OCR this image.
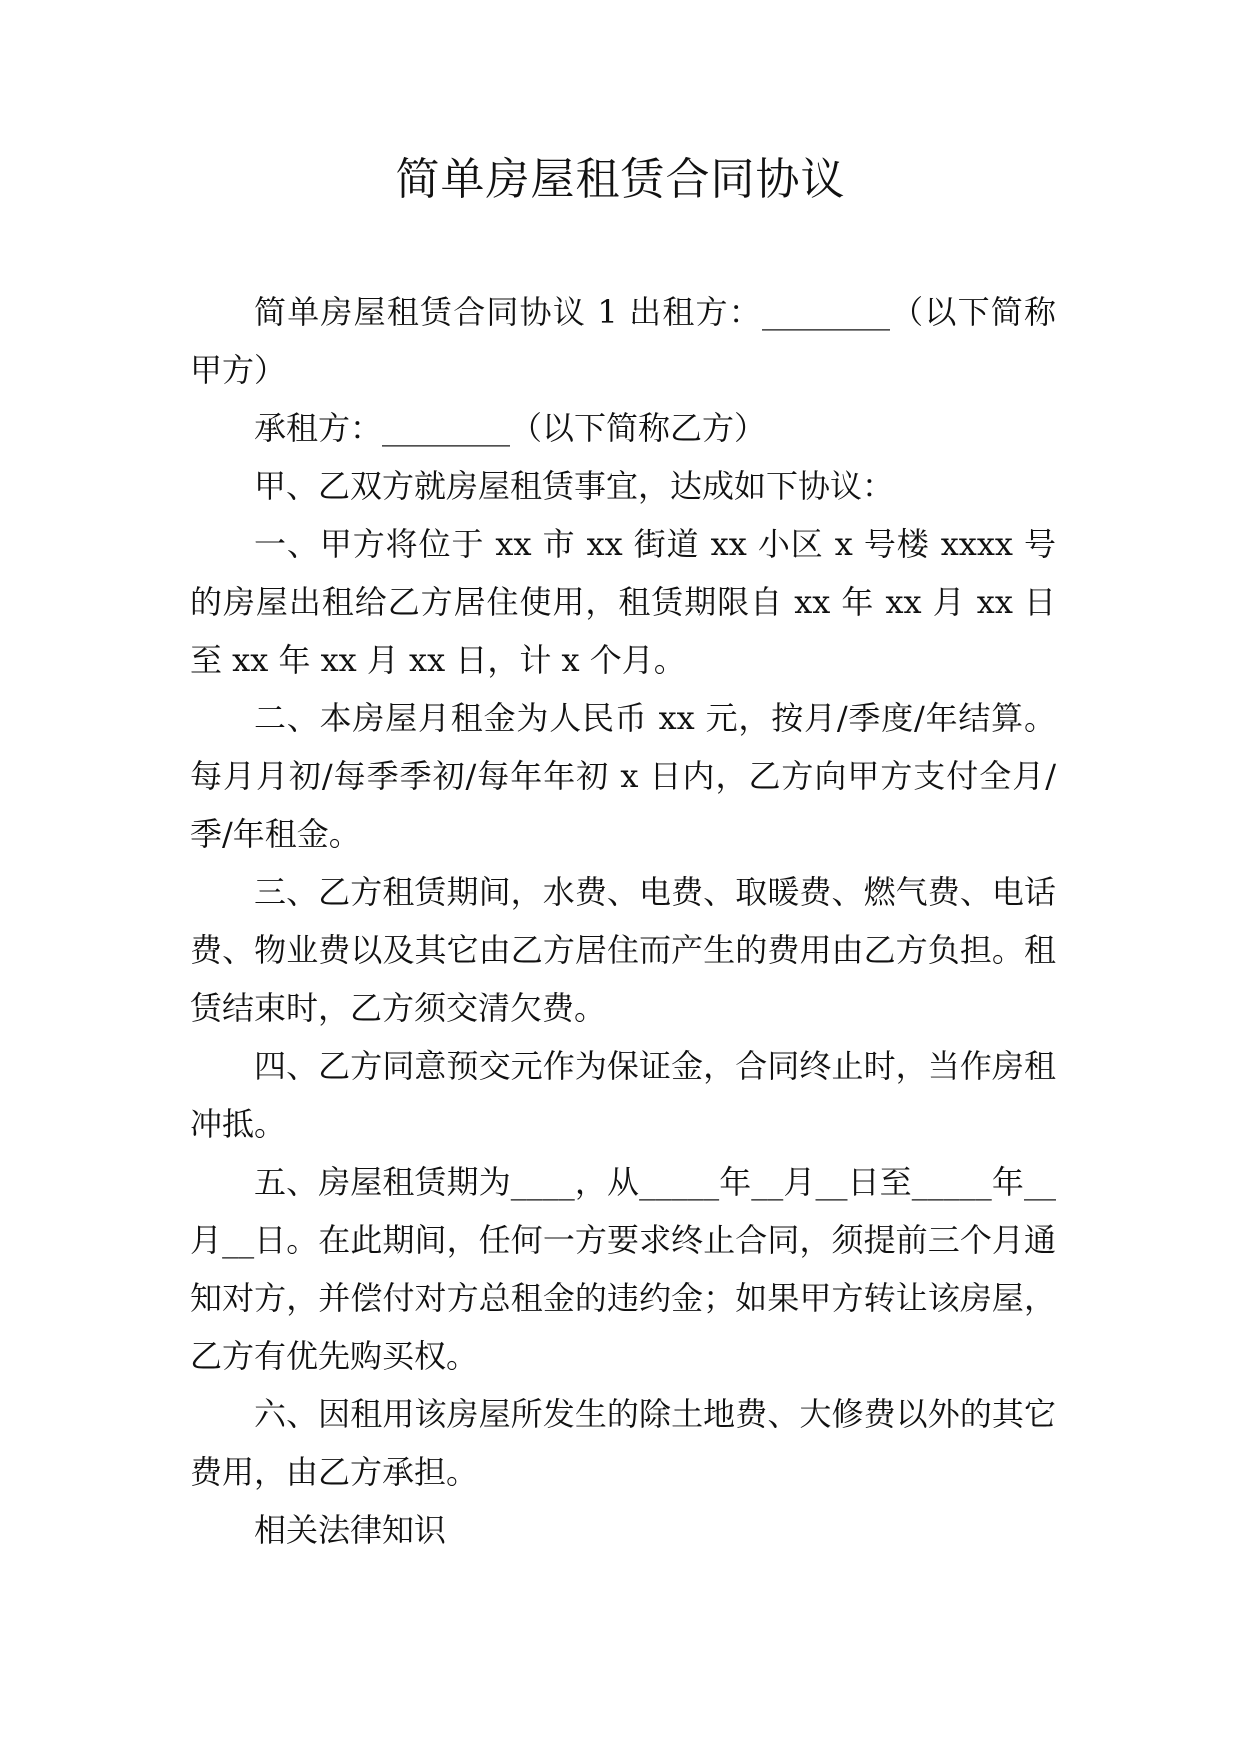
简单房屋租赁合同协议

简单房屋租赁合同协议 1 出租方：________（以下简称甲方）

承租方：________（以下简称乙方）

甲、乙双方就房屋租赁事宜，达成如下协议：

一、甲方将位于 xx 市 xx 街道 xx 小区 x 号楼 xxxx 号的房屋出租给乙方居住使用，租赁期限自 xx 年 xx 月 xx 日至 xx 年 xx 月 xx 日，计 x 个月。

二、本房屋月租金为人民币 xx 元，按月/季度/年结算。每月月初/每季季初/每年年初 x 日内，乙方向甲方支付全月/季/年租金。

三、乙方租赁期间，水费、电费、取暖费、燃气费、电话费、物业费以及其它由乙方居住而产生的费用由乙方负担。租赁结束时，乙方须交清欠费。

四、乙方同意预交元作为保证金，合同终止时，当作房租冲抵。

五、房屋租赁期为____，从_____年__月__日至_____年__月__日。在此期间，任何一方要求终止合同，须提前三个月通知对方，并偿付对方总租金的违约金；如果甲方转让该房屋，乙方有优先购买权。

六、因租用该房屋所发生的除土地费、大修费以外的其它费用，由乙方承担。

相关法律知识
